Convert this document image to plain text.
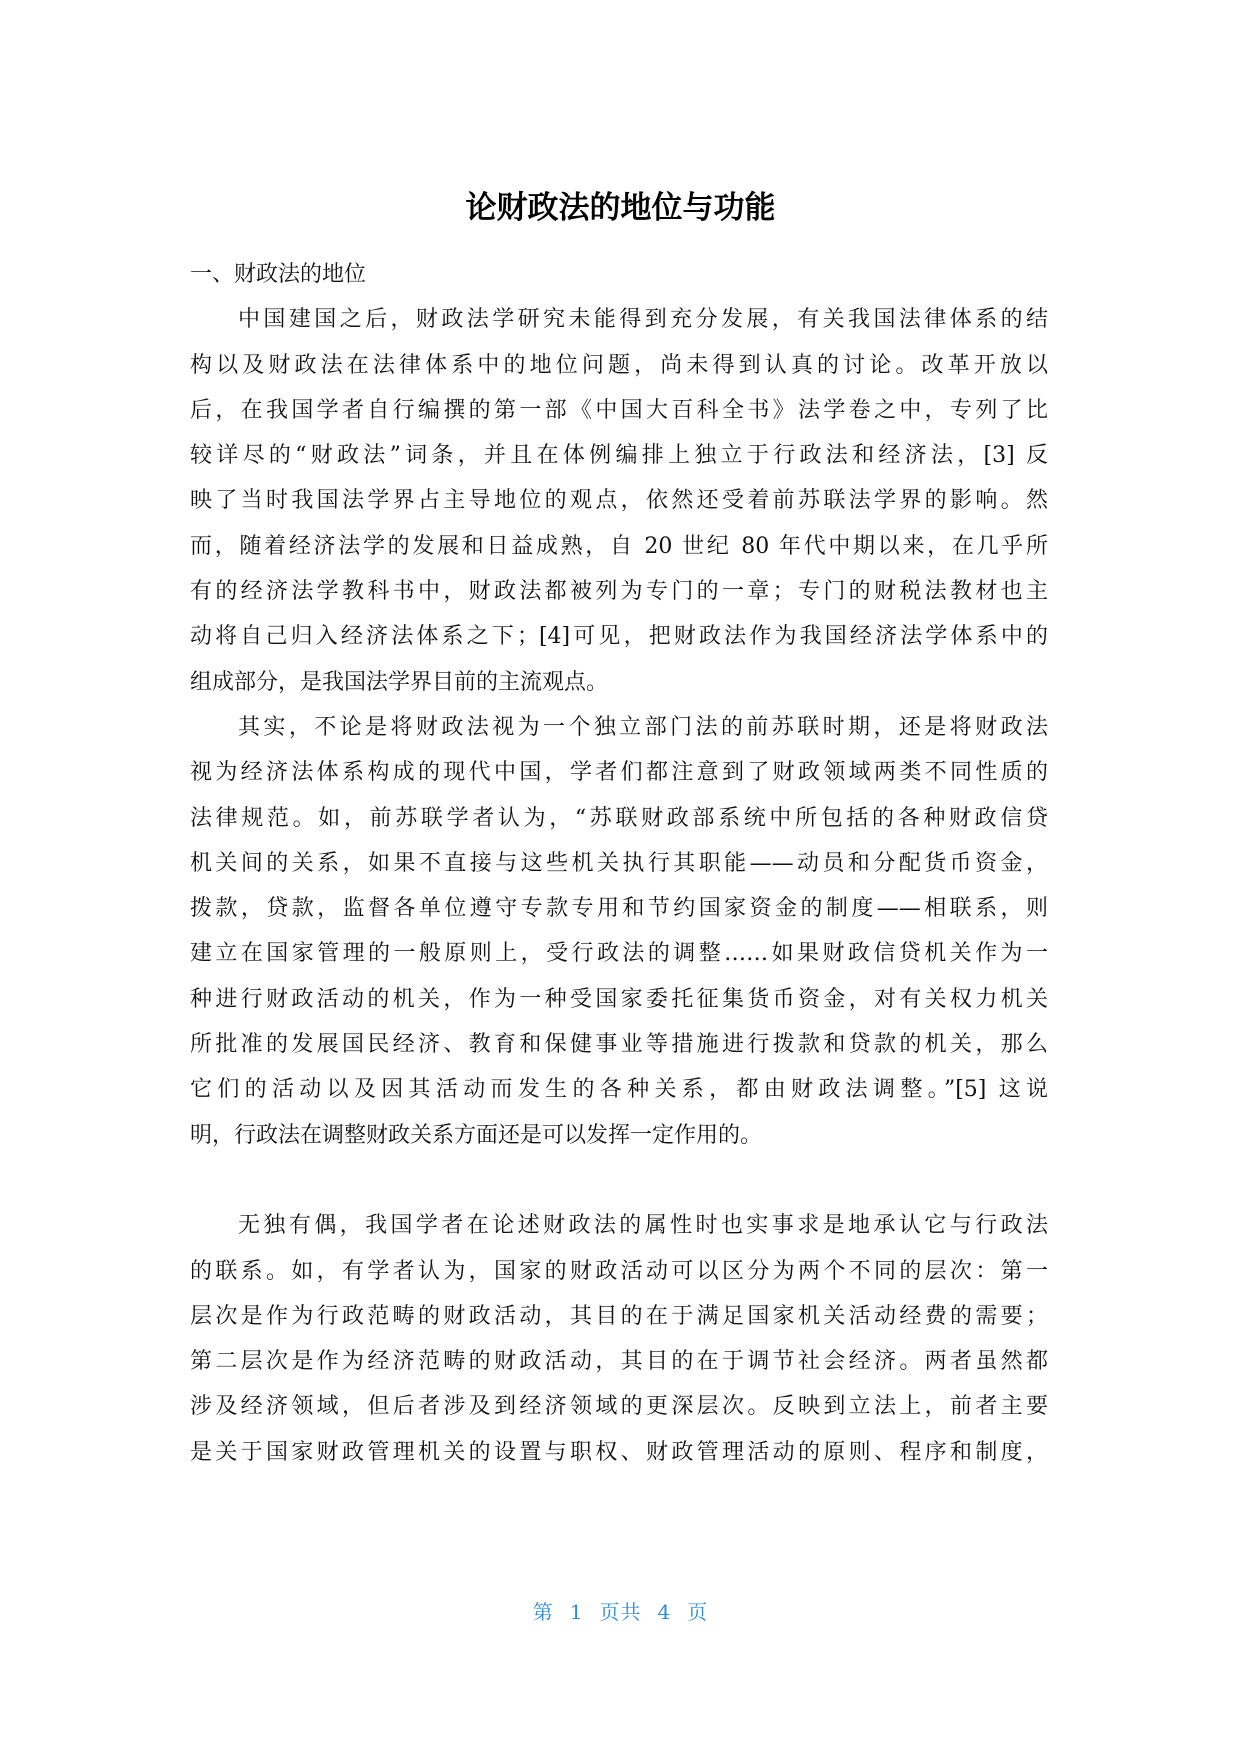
论财政法的地位与功能
一、财政法的地位
中国建国之后，财政法学研究未能得到充分发展，有关我国法律体系的结
构以及财政法在法律体系中的地位问题，尚未得到认真的讨论。改革开放以
后，在我国学者自行编撰的第一部《中国大百科全书》法学卷之中，专列了比
较详尽的“财政法”词条，并且在体例编排上独立于行政法和经济法，[3] 反
映了当时我国法学界占主导地位的观点，依然还受着前苏联法学界的影响。然
而，随着经济法学的发展和日益成熟，自 20 世纪 80 年代中期以来，在几乎所
有的经济法学教科书中，财政法都被列为专门的一章；专门的财税法教材也主
动将自己归入经济法体系之下；[4]可见，把财政法作为我国经济法学体系中的
组成部分，是我国法学界目前的主流观点。
其实，不论是将财政法视为一个独立部门法的前苏联时期，还是将财政法
视为经济法体系构成的现代中国，学者们都注意到了财政领域两类不同性质的
法律规范。如，前苏联学者认为，“苏联财政部系统中所包括的各种财政信贷
机关间的关系，如果不直接与这些机关执行其职能——动员和分配货币资金，
拨款，贷款，监督各单位遵守专款专用和节约国家资金的制度——相联系，则
建立在国家管理的一般原则上，受行政法的调整……如果财政信贷机关作为一
种进行财政活动的机关，作为一种受国家委托征集货币资金，对有关权力机关
所批准的发展国民经济、教育和保健事业等措施进行拨款和贷款的机关，那么
它们的活动以及因其活动而发生的各种关系，都由财政法调整。”[5] 这说
明，行政法在调整财政关系方面还是可以发挥一定作用的。
无独有偶，我国学者在论述财政法的属性时也实事求是地承认它与行政法
的联系。如，有学者认为，国家的财政活动可以区分为两个不同的层次：第一
层次是作为行政范畴的财政活动，其目的在于满足国家机关活动经费的需要；
第二层次是作为经济范畴的财政活动，其目的在于调节社会经济。两者虽然都
涉及经济领域，但后者涉及到经济领域的更深层次。反映到立法上，前者主要
是关于国家财政管理机关的设置与职权、财政管理活动的原则、程序和制度，
第 1 页共 4 页
